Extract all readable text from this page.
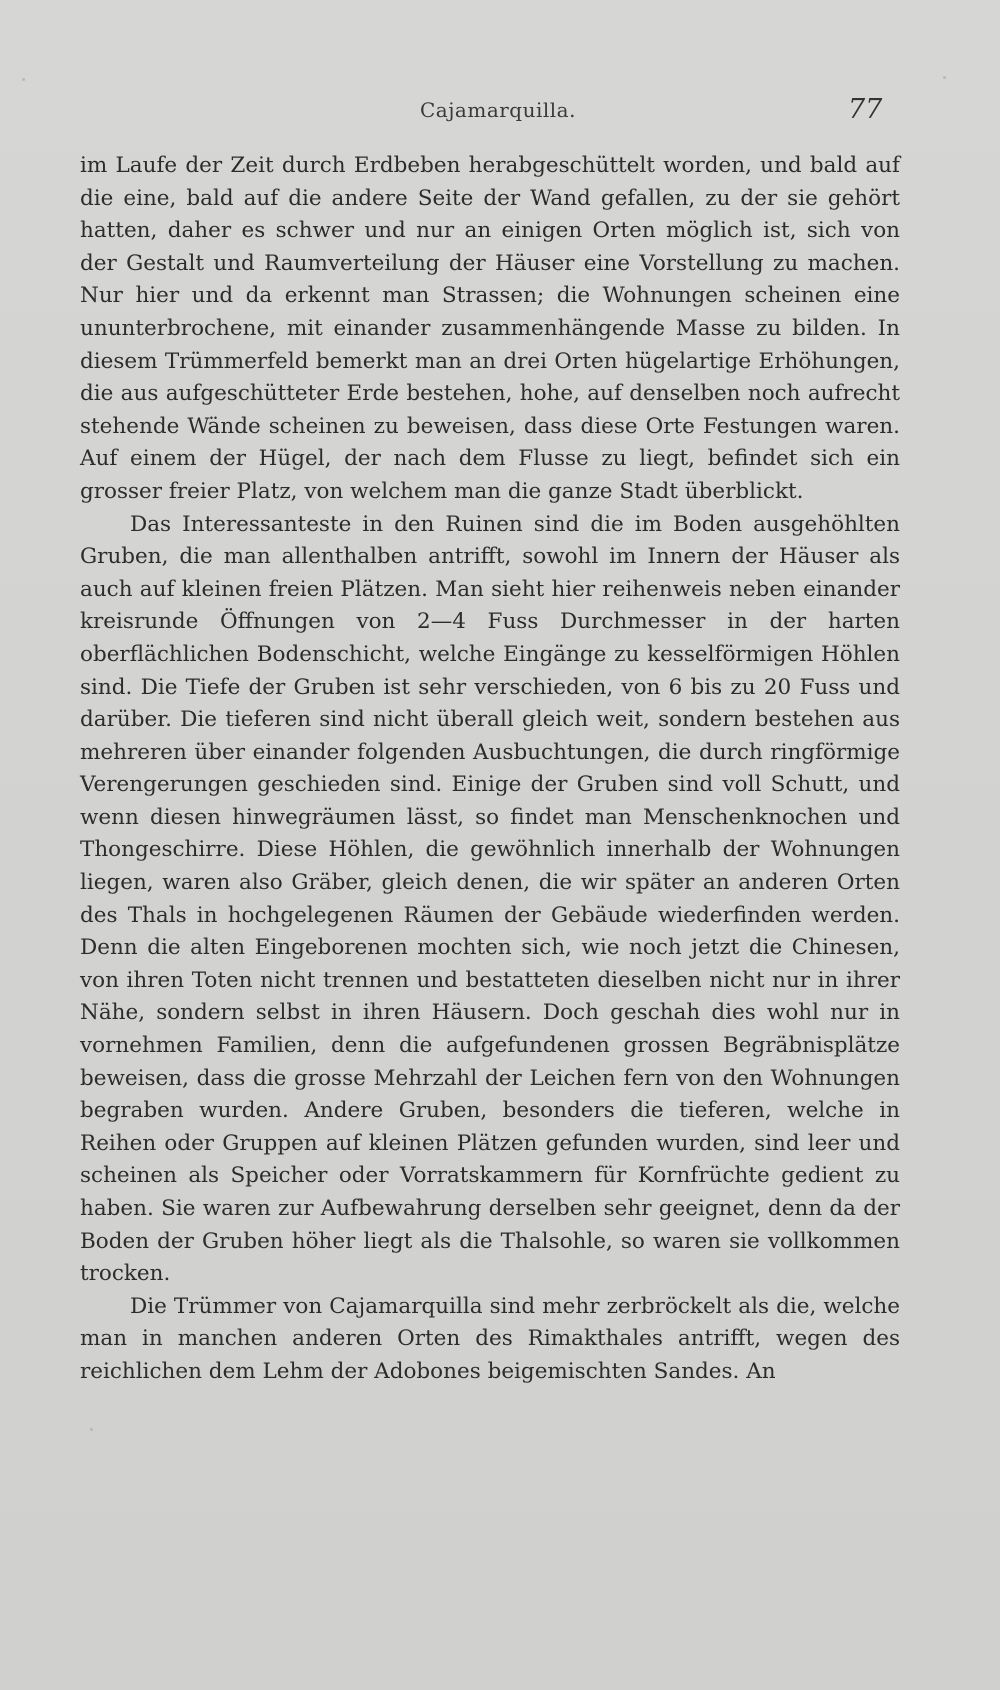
Cajamarquilla.	77

im Laufe der Zeit durch Erdbeben herabgeschüttelt worden, und bald auf die eine, bald auf die andere Seite der Wand gefallen, zu der sie gehört hatten, daher es schwer und nur an einigen Orten möglich ist, sich von der Gestalt und Raumverteilung der Häuser eine Vorstellung zu machen. Nur hier und da erkennt man Strassen; die Wohnungen scheinen eine ununterbrochene, mit einander zusammenhängende Masse zu bilden. In diesem Trümmerfeld bemerkt man an drei Orten hügelartige Erhöhungen, die aus aufgeschütteter Erde bestehen, hohe, auf denselben noch aufrecht stehende Wände scheinen zu beweisen, dass diese Orte Festungen waren. Auf einem der Hügel, der nach dem Flusse zu liegt, befindet sich ein grosser freier Platz, von welchem man die ganze Stadt überblickt.

Das Interessanteste in den Ruinen sind die im Boden ausgehöhlten Gruben, die man allenthalben antrifft, sowohl im Innern der Häuser als auch auf kleinen freien Plätzen. Man sieht hier reihenweis neben einander kreisrunde Öffnungen von 2—4 Fuss Durchmesser in der harten oberflächlichen Bodenschicht, welche Eingänge zu kesselförmigen Höhlen sind. Die Tiefe der Gruben ist sehr verschieden, von 6 bis zu 20 Fuss und darüber. Die tieferen sind nicht überall gleich weit, sondern bestehen aus mehreren über einander folgenden Ausbuchtungen, die durch ringförmige Verengerungen geschieden sind. Einige der Gruben sind voll Schutt, und wenn diesen hinwegräumen lässt, so findet man Menschenknochen und Thongeschirre. Diese Höhlen, die gewöhnlich innerhalb der Wohnungen liegen, waren also Gräber, gleich denen, die wir später an anderen Orten des Thals in hochgelegenen Räumen der Gebäude wiederfinden werden. Denn die alten Eingeborenen mochten sich, wie noch jetzt die Chinesen, von ihren Toten nicht trennen und bestatteten dieselben nicht nur in ihrer Nähe, sondern selbst in ihren Häusern. Doch geschah dies wohl nur in vornehmen Familien, denn die aufgefundenen grossen Begräbnisplätze beweisen, dass die grosse Mehrzahl der Leichen fern von den Wohnungen begraben wurden. Andere Gruben, besonders die tieferen, welche in Reihen oder Gruppen auf kleinen Plätzen gefunden wurden, sind leer und scheinen als Speicher oder Vorratskammern für Kornfrüchte gedient zu haben. Sie waren zur Aufbewahrung derselben sehr geeignet, denn da der Boden der Gruben höher liegt als die Thalsohle, so waren sie vollkommen trocken.

Die Trümmer von Cajamarquilla sind mehr zerbröckelt als die, welche man in manchen anderen Orten des Rimakthales antrifft, wegen des reichlichen dem Lehm der Adobones beigemischten Sandes. An
